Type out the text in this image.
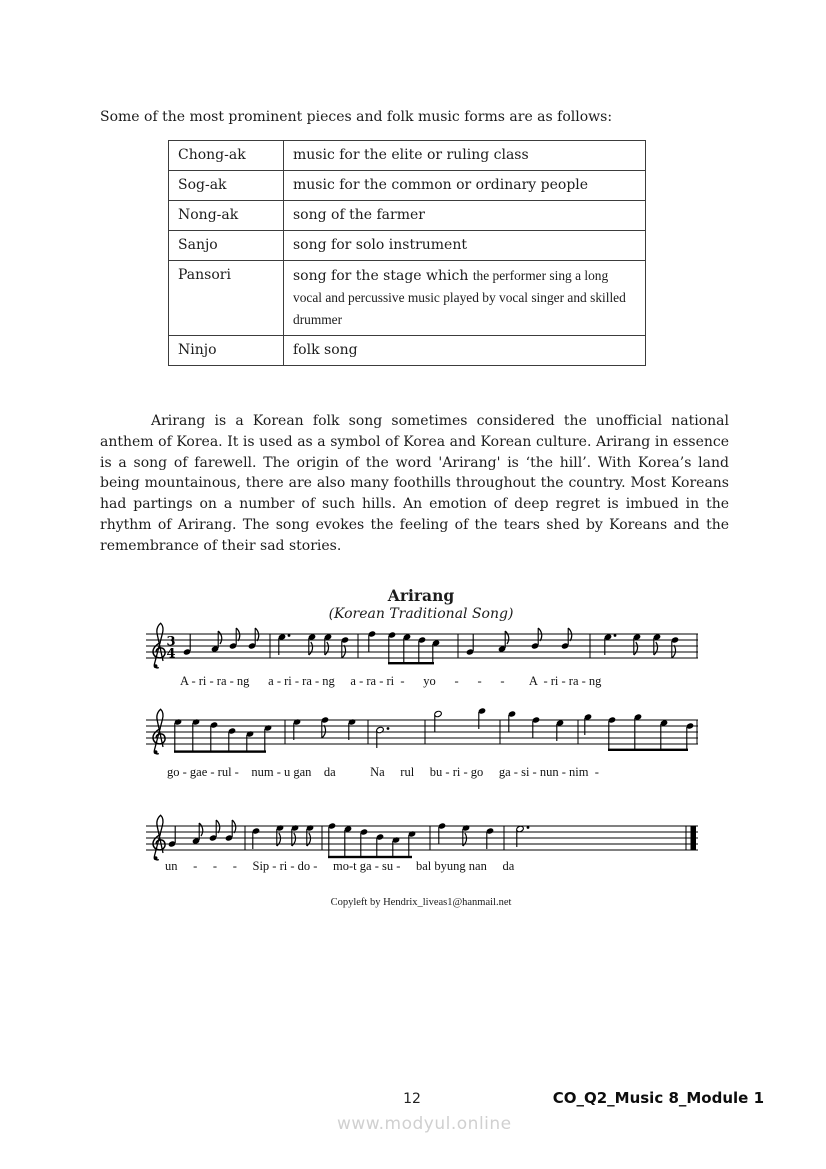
Some of the most prominent pieces and folk music forms are as follows:

Chong-ak	music for the elite or ruling class
Sog-ak	music for the common or ordinary people
Nong-ak	song of the farmer
Sanjo	song for solo instrument
Pansori	song for the stage which the performer sing a long vocal and percussive music played by vocal singer and skilled drummer
Ninjo	folk song

Arirang is a Korean folk song sometimes considered the unofficial national anthem of Korea. It is used as a symbol of Korea and Korean culture. Arirang in essence is a song of farewell. The origin of the word 'Arirang' is ‘the hill’. With Korea’s land being mountainous, there are also many foothills throughout the country. Most Koreans had partings on a number of such hills. An emotion of deep regret is imbued in the rhythm of Arirang. The song evokes the feeling of the tears shed by Koreans and the remembrance of their sad stories.

Arirang
(Korean Traditional Song)
3
4
A - ri - ra - ng      a - ri - ra - ng     a - ra - ri  -      yo      -      -      -        A  - ri - ra - ng
go - gae - rul -    num - u gan    da           Na     rul     bu - ri - go     ga - si - nun - nim  -
un     -     -     -     Sip - ri - do -     mo-t ga - su -     bal byung nan     da
Copyleft by Hendrix_liveas1@hanmail.net
12	CO_Q2_Music 8_Module 1
www.modyul.online
